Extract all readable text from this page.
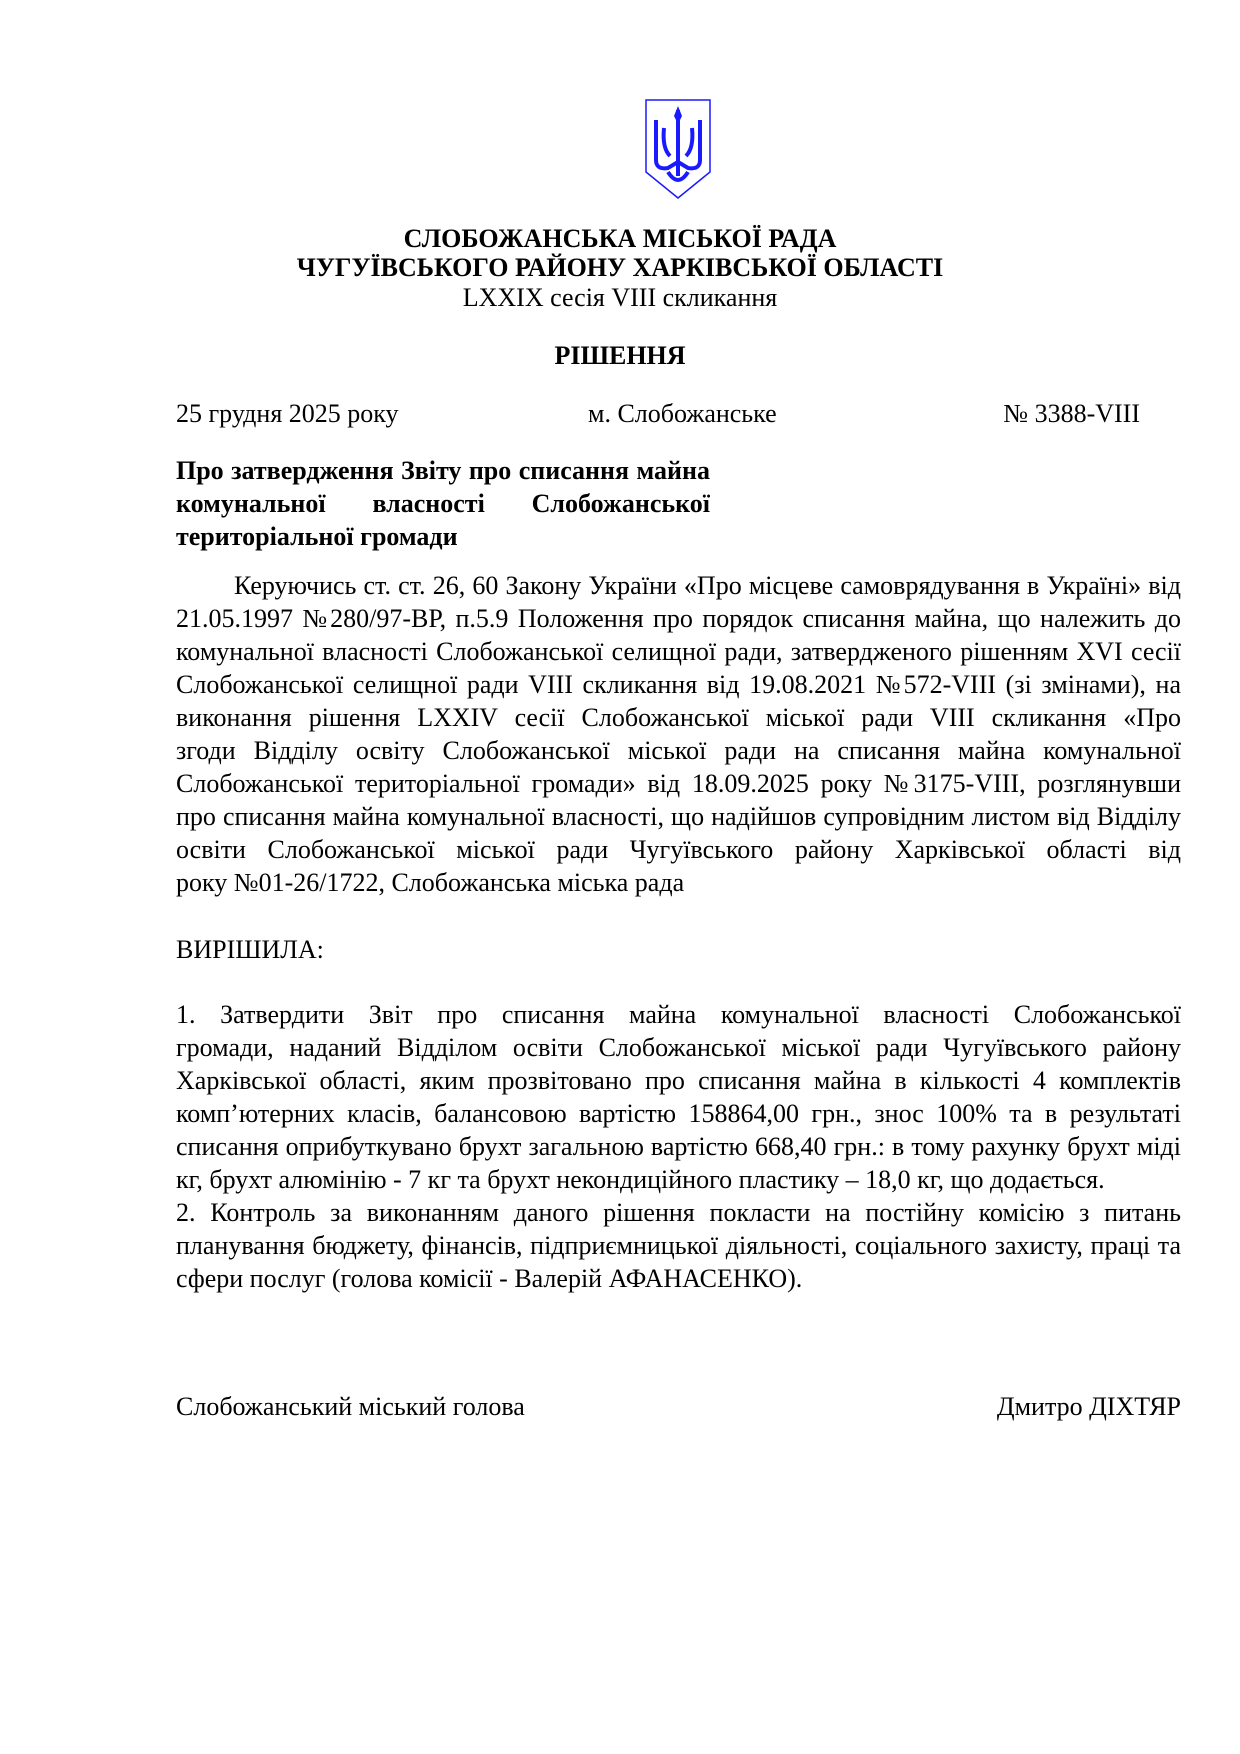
СЛОБОЖАНСЬКА МІСЬКОЇ РАДА
ЧУГУЇВСЬКОГО РАЙОНУ ХАРКІВСЬКОЇ ОБЛАСТІ
LXXIX сесія VIII скликання
РІШЕННЯ
25 грудня 2025 року	м. Слобожанське	№ 3388-VIII
Про затвердження Звіту про списання майна
комунальної власності Слобожанської
територіальної громади
Керуючись ст. ст. 26, 60 Закону України «Про місцеве самоврядування в Україні» від
21.05.1997 №280/97-ВР, п.5.9 Положення про порядок списання майна, що належить до
комунальної власності Слобожанської селищної ради, затвердженого рішенням XVI сесії
Слобожанської селищної ради VIII скликання від 19.08.2021 №572-VIII (зі змінами), на
виконання рішення LXXIV сесії Слобожанської міської ради VIII скликання «Про
згоди Відділу освіту Слобожанської міської ради на списання майна комунальної
Слобожанської територіальної громади» від 18.09.2025 року №3175-VIII, розглянувши
про списання майна комунальної власності, що надійшов супровідним листом від Відділу
освіти Слобожанської міської ради Чугуївського району Харківської області від
року №01-26/1722, Слобожанська міська рада
ВИРІШИЛА:
1. Затвердити Звіт про списання майна комунальної власності Слобожанської
громади, наданий Відділом освіти Слобожанської міської ради Чугуївського району
Харківської області, яким прозвітовано про списання майна в кількості 4 комплектів
комп’ютерних класів, балансовою вартістю 158864,00 грн., знос 100% та в результаті
списання оприбуткувано брухт загальною вартістю 668,40 грн.: в тому рахунку брухт міді
кг, брухт алюмінію - 7 кг та брухт некондиційного пластику – 18,0 кг, що додається.
2. Контроль за виконанням даного рішення покласти на постійну комісію з питань
планування бюджету, фінансів, підприємницької діяльності, соціального захисту, праці та
сфери послуг (голова комісії - Валерій АФАНАСЕНКО).
Слобожанський міський голова	Дмитро ДІХТЯР
